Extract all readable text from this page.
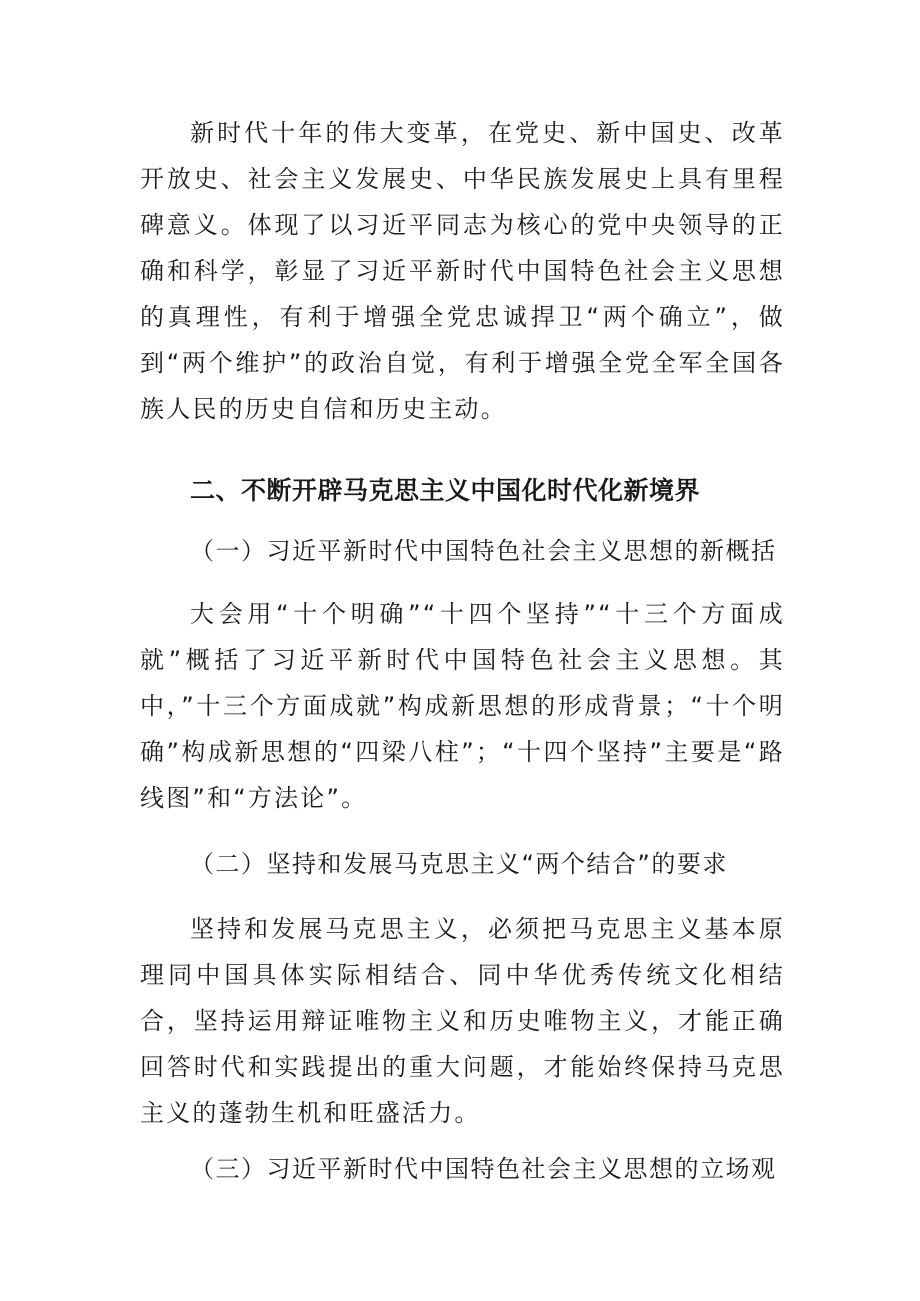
新时代十年的伟大变革，在党史、新中国史、改革开放史、社会主义发展史、中华民族发展史上具有里程碑意义。体现了以习近平同志为核心的党中央领导的正确和科学，彰显了习近平新时代中国特色社会主义思想的真理性，有利于增强全党忠诚捍卫“两个确立”，做到“两个维护”的政治自觉，有利于增强全党全军全国各族人民的历史自信和历史主动。

二、不断开辟马克思主义中国化时代化新境界

（一）习近平新时代中国特色社会主义思想的新概括

大会用“十个明确”“十四个坚持”“十三个方面成就”概括了习近平新时代中国特色社会主义思想。其中，”十三个方面成就”构成新思想的形成背景；“十个明确”构成新思想的“四梁八柱”；“十四个坚持”主要是“路线图”和“方法论”。

（二）坚持和发展马克思主义“两个结合”的要求

坚持和发展马克思主义，必须把马克思主义基本原理同中国具体实际相结合、同中华优秀传统文化相结合，坚持运用辩证唯物主义和历史唯物主义，才能正确回答时代和实践提出的重大问题，才能始终保持马克思主义的蓬勃生机和旺盛活力。

（三）习近平新时代中国特色社会主义思想的立场观
